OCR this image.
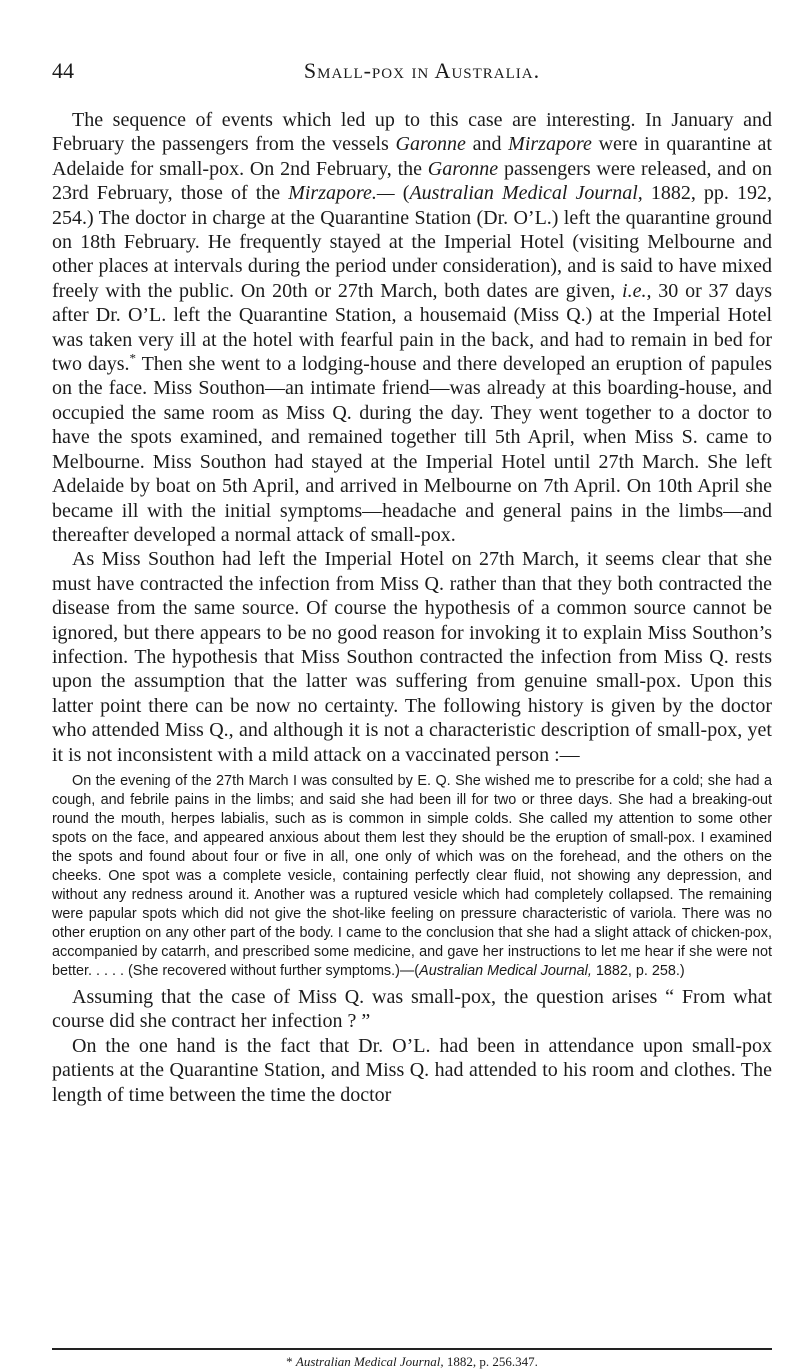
44	Small-pox in Australia.

The sequence of events which led up to this case are interesting. In January and February the passengers from the vessels Garonne and Mirzapore were in quarantine at Adelaide for small-pox. On 2nd February, the Garonne passengers were released, and on 23rd February, those of the Mirzapore.— (Australian Medical Journal, 1882, pp. 192, 254.) The doctor in charge at the Quarantine Station (Dr. O’L.) left the quarantine ground on 18th February. He frequently stayed at the Imperial Hotel (visiting Melbourne and other places at intervals during the period under consideration), and is said to have mixed freely with the public. On 20th or 27th March, both dates are given, i.e., 30 or 37 days after Dr. O’L. left the Quarantine Station, a housemaid (Miss Q.) at the Imperial Hotel was taken very ill at the hotel with fearful pain in the back, and had to remain in bed for two days.* Then she went to a lodging-house and there developed an eruption of papules on the face. Miss Southon—an intimate friend—was already at this boarding-house, and occupied the same room as Miss Q. during the day. They went together to a doctor to have the spots examined, and remained together till 5th April, when Miss S. came to Melbourne. Miss Southon had stayed at the Imperial Hotel until 27th March. She left Adelaide by boat on 5th April, and arrived in Melbourne on 7th April. On 10th April she became ill with the initial symptoms—headache and general pains in the limbs—and thereafter developed a normal attack of small-pox.

As Miss Southon had left the Imperial Hotel on 27th March, it seems clear that she must have contracted the infection from Miss Q. rather than that they both contracted the disease from the same source. Of course the hypothesis of a common source cannot be ignored, but there appears to be no good reason for invoking it to explain Miss Southon’s infection. The hypothesis that Miss Southon contracted the infection from Miss Q. rests upon the assumption that the latter was suffering from genuine small-pox. Upon this latter point there can be now no certainty. The following history is given by the doctor who attended Miss Q., and although it is not a characteristic description of small-pox, yet it is not inconsistent with a mild attack on a vaccinated person :—

On the evening of the 27th March I was consulted by E. Q. She wished me to prescribe for a cold; she had a cough, and febrile pains in the limbs; and said she had been ill for two or three days. She had a breaking-out round the mouth, herpes labialis, such as is common in simple colds. She called my attention to some other spots on the face, and appeared anxious about them lest they should be the eruption of small-pox. I examined the spots and found about four or five in all, one only of which was on the forehead, and the others on the cheeks. One spot was a complete vesicle, containing perfectly clear fluid, not showing any depression, and without any redness around it. Another was a ruptured vesicle which had completely collapsed. The remaining were papular spots which did not give the shot-like feeling on pressure characteristic of variola. There was no other eruption on any other part of the body. I came to the conclusion that she had a slight attack of chicken-pox, accompanied by catarrh, and prescribed some medicine, and gave her instructions to let me hear if she were not better. . . . . (She recovered without further symptoms.)—(Australian Medical Journal, 1882, p. 258.)

Assuming that the case of Miss Q. was small-pox, the question arises “ From what course did she contract her infection ? ”

On the one hand is the fact that Dr. O’L. had been in attendance upon small-pox patients at the Quarantine Station, and Miss Q. had attended to his room and clothes. The length of time between the time the doctor

* Australian Medical Journal, 1882, p. 256.347.
